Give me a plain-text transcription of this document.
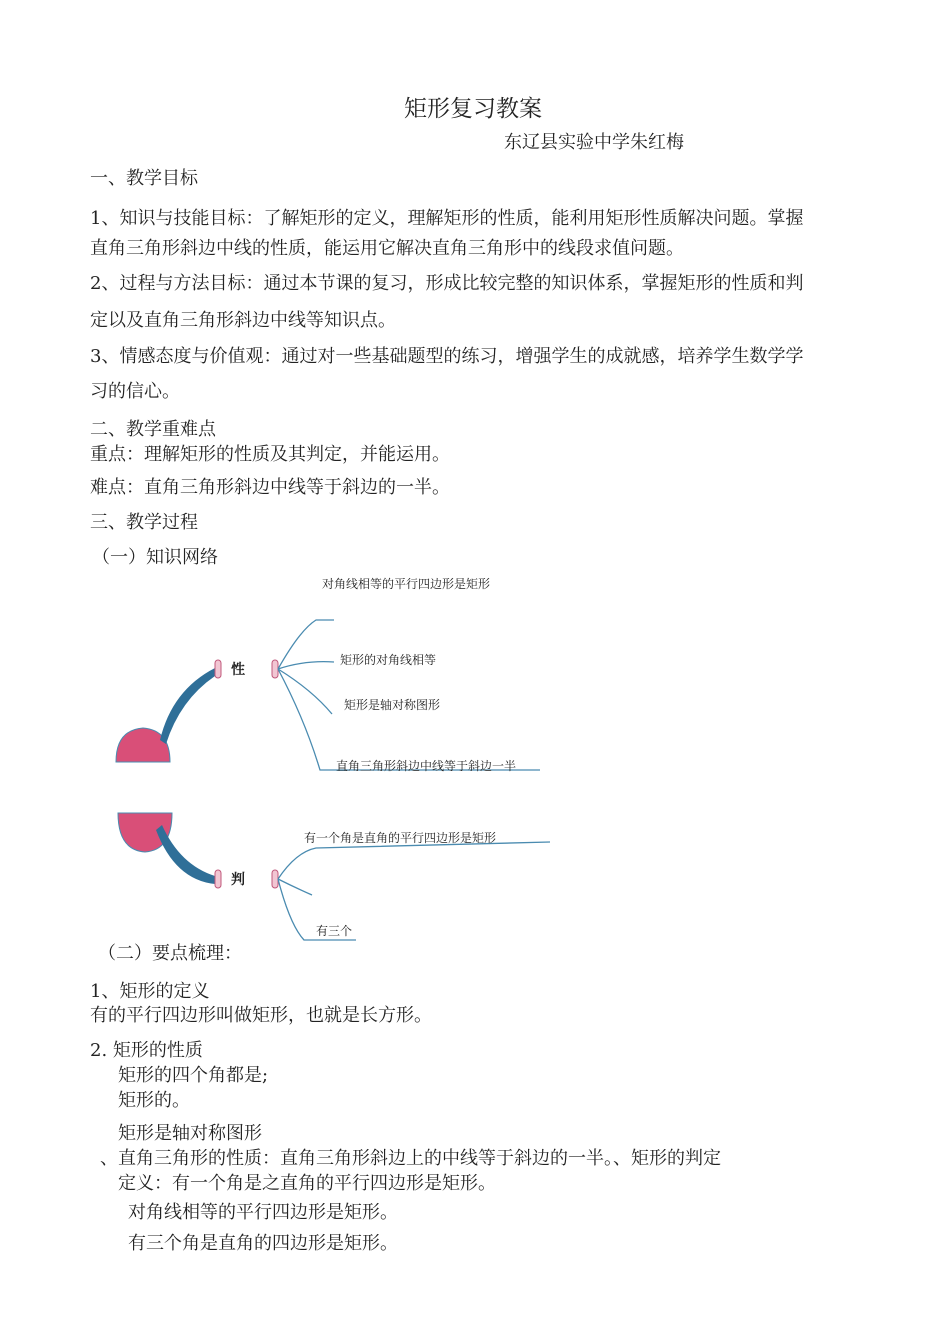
矩形复习教案
东辽县实验中学朱红梅
一、教学目标
1、知识与技能目标：了解矩形的定义，理解矩形的性质，能利用矩形性质解决问题。掌握
直角三角形斜边中线的性质，能运用它解决直角三角形中的线段求值问题。
2、过程与方法目标：通过本节课的复习，形成比较完整的知识体系，掌握矩形的性质和判
定以及直角三角形斜边中线等知识点。
3、情感态度与价值观：通过对一些基础题型的练习，增强学生的成就感，培养学生数学学
习的信心。
二、教学重难点
重点：理解矩形的性质及其判定，并能运用。
难点：直角三角形斜边中线等于斜边的一半。
三、教学过程
（一）知识网络
性
判
对角线相等的平行四边形是矩形
矩形的对角线相等
矩形是轴对称图形
直角三角形斜边中线等于斜边一半
有一个角是直角的平行四边形是矩形
有三个
（二）要点梳理：
1、矩形的定义
有的平行四边形叫做矩形，也就是长方形。
2. 矩形的性质
矩形的四个角都是;
矩形的。
矩形是轴对称图形
、直角三角形的性质：直角三角形斜边上的中线等于斜边的一半。、矩形的判定
定义：有一个角是之直角的平行四边形是矩形。
对角线相等的平行四边形是矩形。
有三个角是直角的四边形是矩形。
